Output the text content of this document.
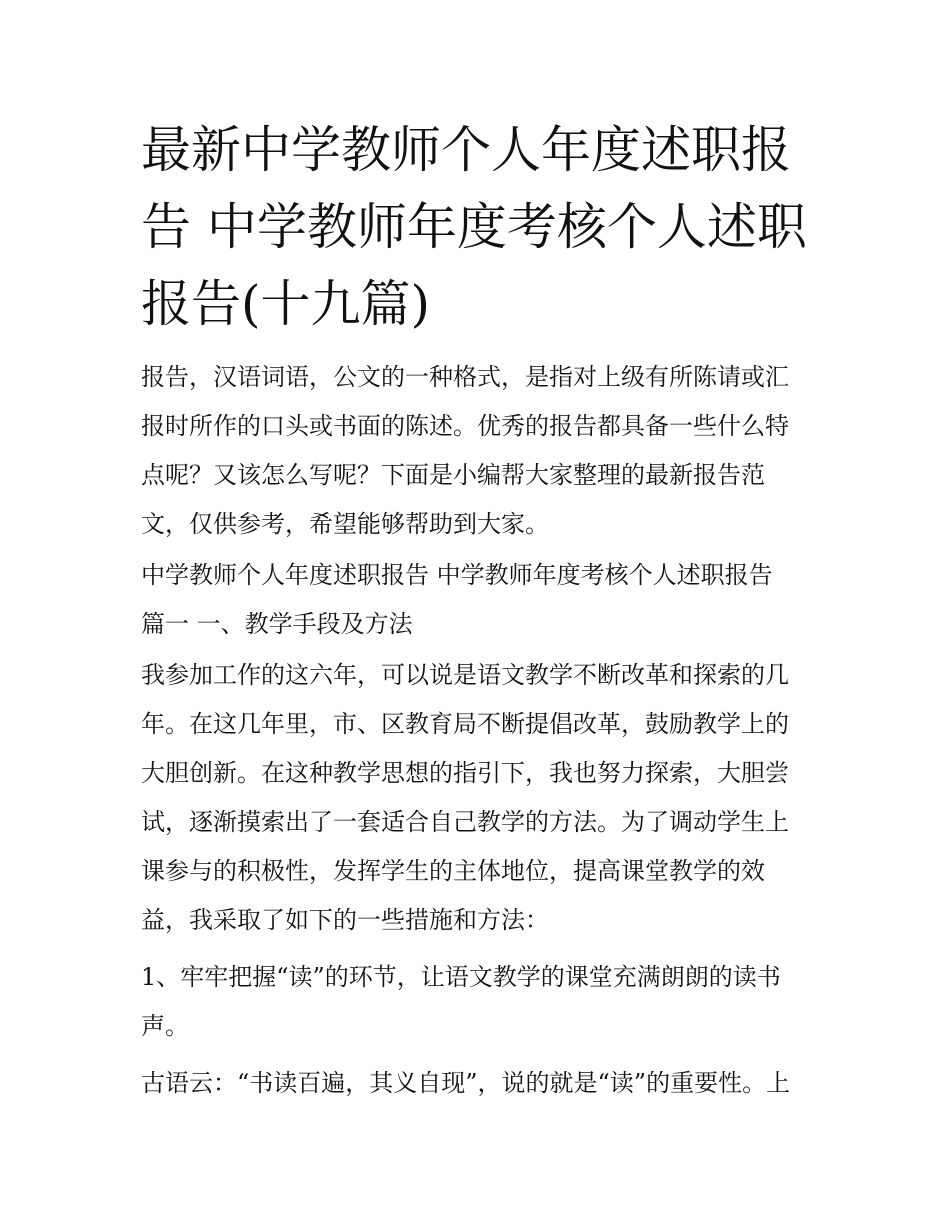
最新中学教师个人年度述职报
告 中学教师年度考核个人述职
报告(十九篇)

报告，汉语词语，公文的一种格式，是指对上级有所陈请或汇
报时所作的口头或书面的陈述。优秀的报告都具备一些什么特
点呢？又该怎么写呢？下面是小编帮大家整理的最新报告范
文，仅供参考，希望能够帮助到大家。

中学教师个人年度述职报告 中学教师年度考核个人述职报告
篇一 一、教学手段及方法

我参加工作的这六年，可以说是语文教学不断改革和探索的几
年。在这几年里，市、区教育局不断提倡改革，鼓励教学上的
大胆创新。在这种教学思想的指引下，我也努力探索，大胆尝
试，逐渐摸索出了一套适合自己教学的方法。为了调动学生上
课参与的积极性，发挥学生的主体地位，提高课堂教学的效
益，我采取了如下的一些措施和方法：

1、牢牢把握“读”的环节，让语文教学的课堂充满朗朗的读书
声。

古语云：“书读百遍，其义自现”，说的就是“读”的重要性。上
